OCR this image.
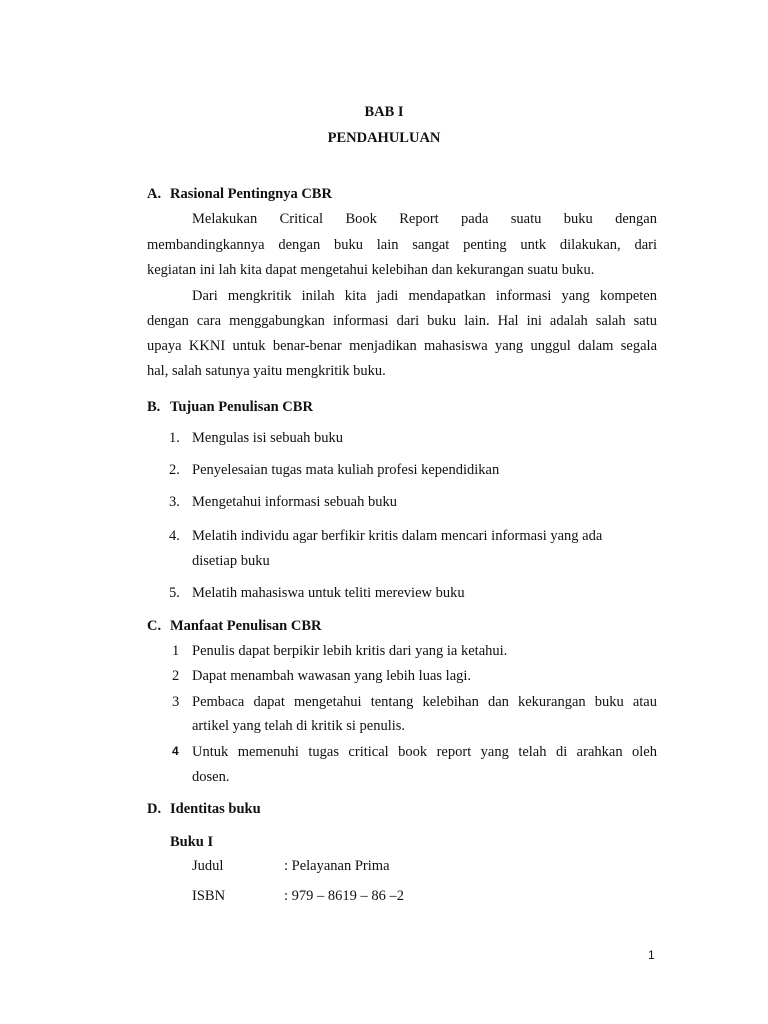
BAB I
PENDAHULUAN
A. Rasional Pentingnya CBR
Melakukan Critical Book Report pada suatu buku dengan
membandingkannya dengan buku lain sangat penting untk dilakukan, dari
kegiatan ini lah kita dapat mengetahui kelebihan dan kekurangan suatu buku.
Dari mengkritik inilah kita jadi mendapatkan informasi yang kompeten
dengan cara menggabungkan informasi dari buku lain. Hal ini adalah salah satu
upaya KKNI untuk benar-benar menjadikan mahasiswa yang unggul dalam segala
hal, salah satunya yaitu mengkritik buku.
B. Tujuan Penulisan CBR
1. Mengulas isi sebuah buku
2. Penyelesaian tugas mata kuliah profesi kependidikan
3. Mengetahui informasi sebuah buku
4. Melatih individu agar berfikir kritis dalam mencari informasi yang ada
disetiap buku
5. Melatih mahasiswa untuk teliti mereview buku
C. Manfaat Penulisan CBR
1 Penulis dapat berpikir lebih kritis dari yang ia ketahui.
2 Dapat menambah wawasan yang lebih luas lagi.
3 Pembaca dapat mengetahui tentang kelebihan dan kekurangan buku atau
artikel yang telah di kritik si penulis.
4 Untuk memenuhi tugas critical book report yang telah di arahkan oleh
dosen.
D. Identitas buku
Buku I
Judul	: Pelayanan Prima
ISBN	: 979 – 8619 – 86 –2
1
